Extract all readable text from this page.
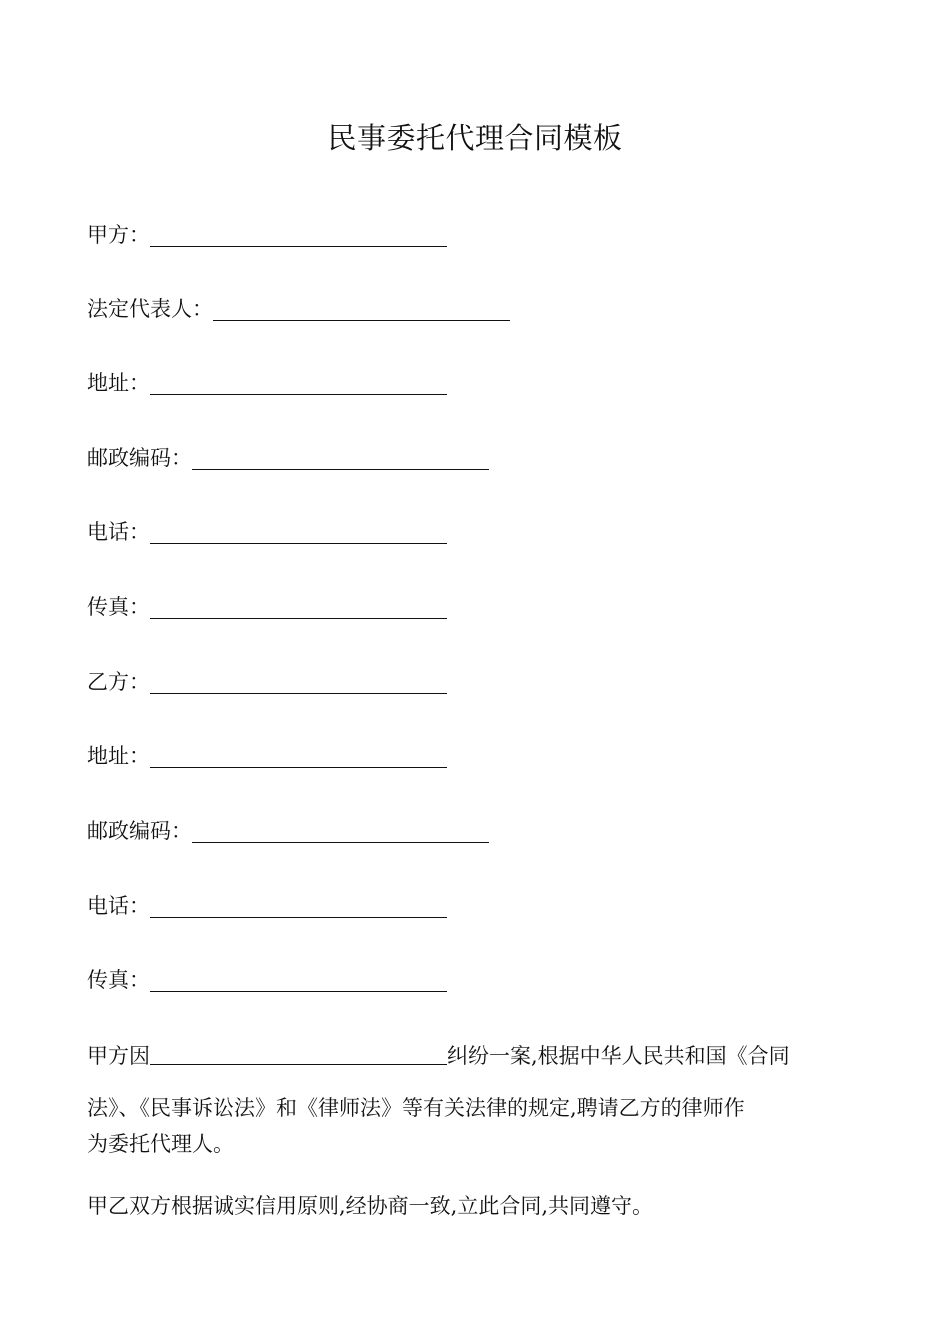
民事委托代理合同模板
甲方：
法定代表人：
地址：
邮政编码：
电话：
传真：
乙方：
地址：
邮政编码：
电话：
传真：
甲方因	纠纷一案,根据中华人民共和国《合同
法》、《民事诉讼法》和《律师法》等有关法律的规定,聘请乙方的律师作
为委托代理人。
甲乙双方根据诚实信用原则,经协商一致,立此合同,共同遵守。
